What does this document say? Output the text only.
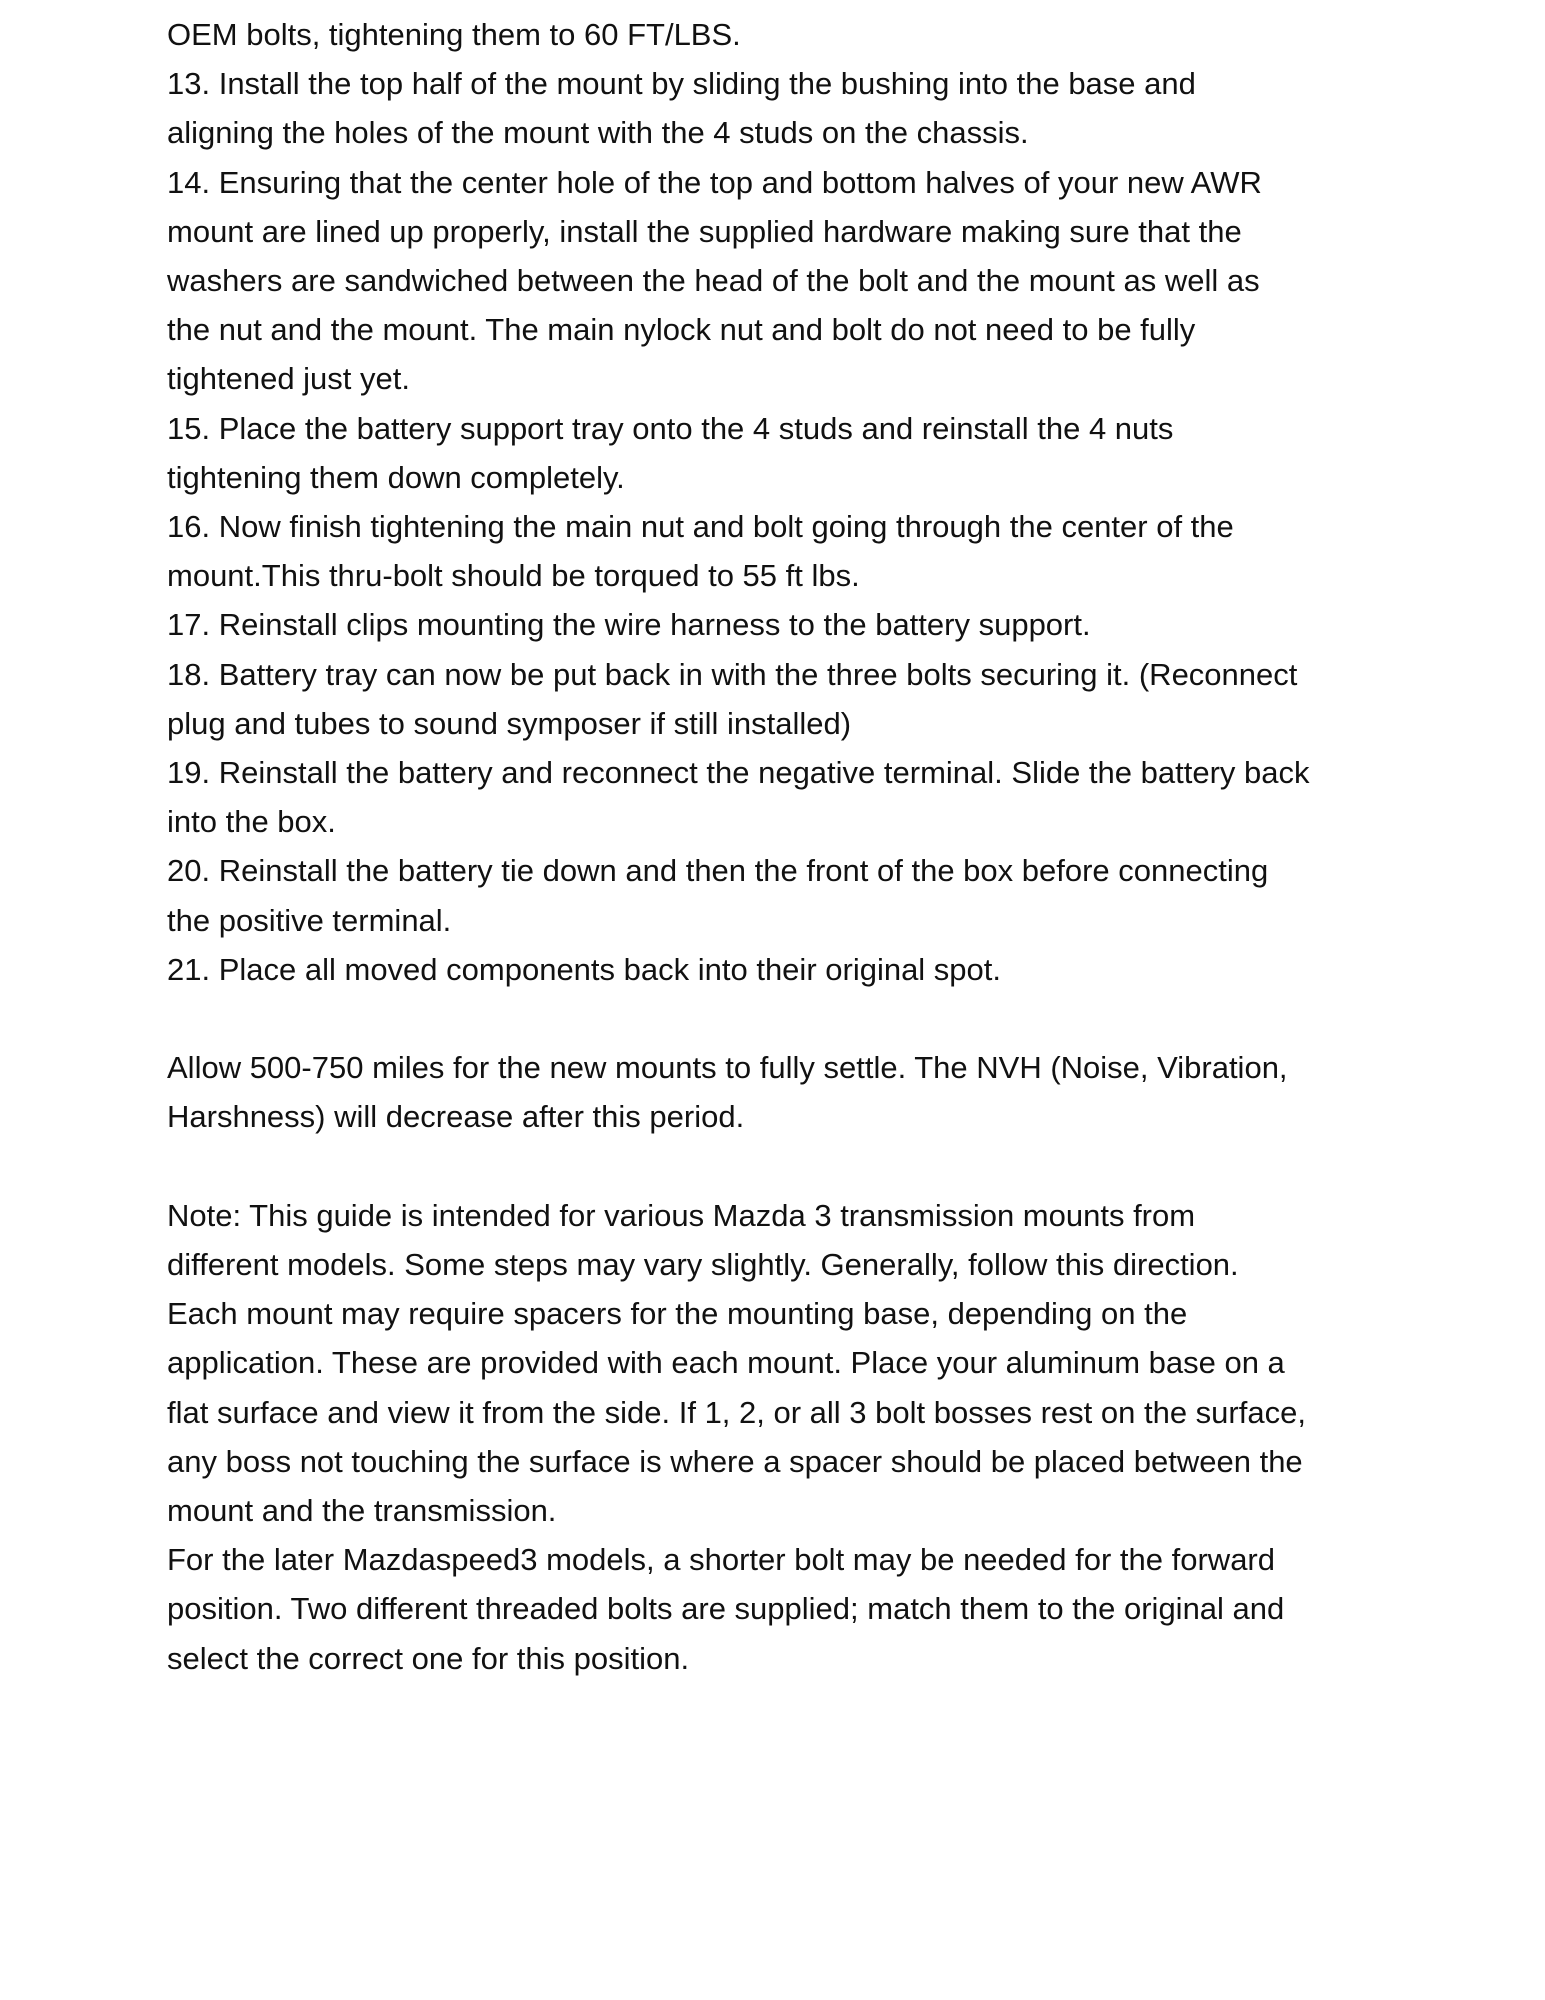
OEM bolts, tightening them to 60 FT/LBS.
13. Install the top half of the mount by sliding the bushing into the base and
aligning the holes of the mount with the 4 studs on the chassis.
14. Ensuring that the center hole of the top and bottom halves of your new AWR
mount are lined up properly, install the supplied hardware making sure that the
washers are sandwiched between the head of the bolt and the mount as well as
the nut and the mount. The main nylock nut and bolt do not need to be fully
tightened just yet.
15. Place the battery support tray onto the 4 studs and reinstall the 4 nuts
tightening them down completely.
16. Now finish tightening the main nut and bolt going through the center of the
mount.This thru-bolt should be torqued to 55 ft lbs.
17. Reinstall clips mounting the wire harness to the battery support.
18. Battery tray can now be put back in with the three bolts securing it. (Reconnect
plug and tubes to sound symposer if still installed)
19. Reinstall the battery and reconnect the negative terminal. Slide the battery back
into the box.
20. Reinstall the battery tie down and then the front of the box before connecting
the positive terminal.
21. Place all moved components back into their original spot.
Allow 500-750 miles for the new mounts to fully settle. The NVH (Noise, Vibration,
Harshness) will decrease after this period.
Note: This guide is intended for various Mazda 3 transmission mounts from
different models. Some steps may vary slightly. Generally, follow this direction.
Each mount may require spacers for the mounting base, depending on the
application. These are provided with each mount. Place your aluminum base on a
flat surface and view it from the side. If 1, 2, or all 3 bolt bosses rest on the surface,
any boss not touching the surface is where a spacer should be placed between the
mount and the transmission.
For the later Mazdaspeed3 models, a shorter bolt may be needed for the forward
position. Two different threaded bolts are supplied; match them to the original and
select the correct one for this position.
